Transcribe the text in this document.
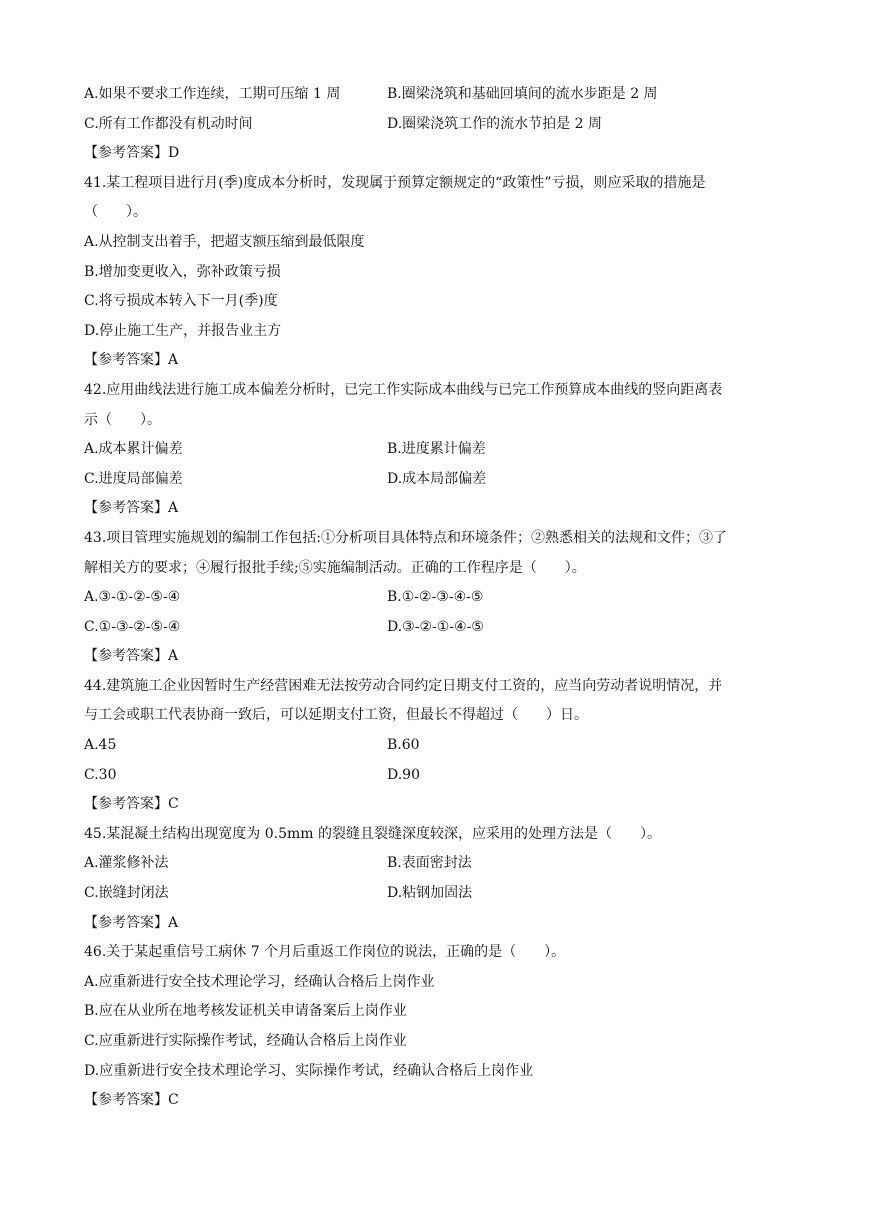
A.如果不要求工作连续，工期可压缩 1 周	B.圈梁浇筑和基础回填间的流水步距是 2 周
C.所有工作都没有机动时间	D.圈梁浇筑工作的流水节拍是 2 周
【参考答案】D
41.某工程项目进行月(季)度成本分析时，发现属于预算定额规定的“政策性”亏损，则应采取的措施是
（　　）。
A.从控制支出着手，把超支额压缩到最低限度
B.增加变更收入，弥补政策亏损
C.将亏损成本转入下一月(季)度
D.停止施工生产，并报告业主方
【参考答案】A
42.应用曲线法进行施工成本偏差分析时，已完工作实际成本曲线与已完工作预算成本曲线的竖向距离表
示（　　）。
A.成本累计偏差	B.进度累计偏差
C.进度局部偏差	D.成本局部偏差
【参考答案】A
43.项目管理实施规划的编制工作包括:①分析项目具体特点和环境条件；②熟悉相关的法规和文件；③了
解相关方的要求；④履行报批手续;⑤实施编制活动。正确的工作程序是（　　）。
A.③-①-②-⑤-④	B.①-②-③-④-⑤
C.①-③-②-⑤-④	D.③-②-①-④-⑤
【参考答案】A
44.建筑施工企业因暂时生产经营困难无法按劳动合同约定日期支付工资的，应当向劳动者说明情况，并
与工会或职工代表协商一致后，可以延期支付工资，但最长不得超过（　　）日。
A.45	B.60
C.30	D.90
【参考答案】C
45.某混凝土结构出现宽度为 0.5mm 的裂缝且裂缝深度较深，应采用的处理方法是（　　）。
A.灌浆修补法	B.表面密封法
C.嵌缝封闭法	D.粘钢加固法
【参考答案】A
46.关于某起重信号工病休 7 个月后重返工作岗位的说法，正确的是（　　）。
A.应重新进行安全技术理论学习，经确认合格后上岗作业
B.应在从业所在地考核发证机关申请备案后上岗作业
C.应重新进行实际操作考试，经确认合格后上岗作业
D.应重新进行安全技术理论学习、实际操作考试，经确认合格后上岗作业
【参考答案】C
